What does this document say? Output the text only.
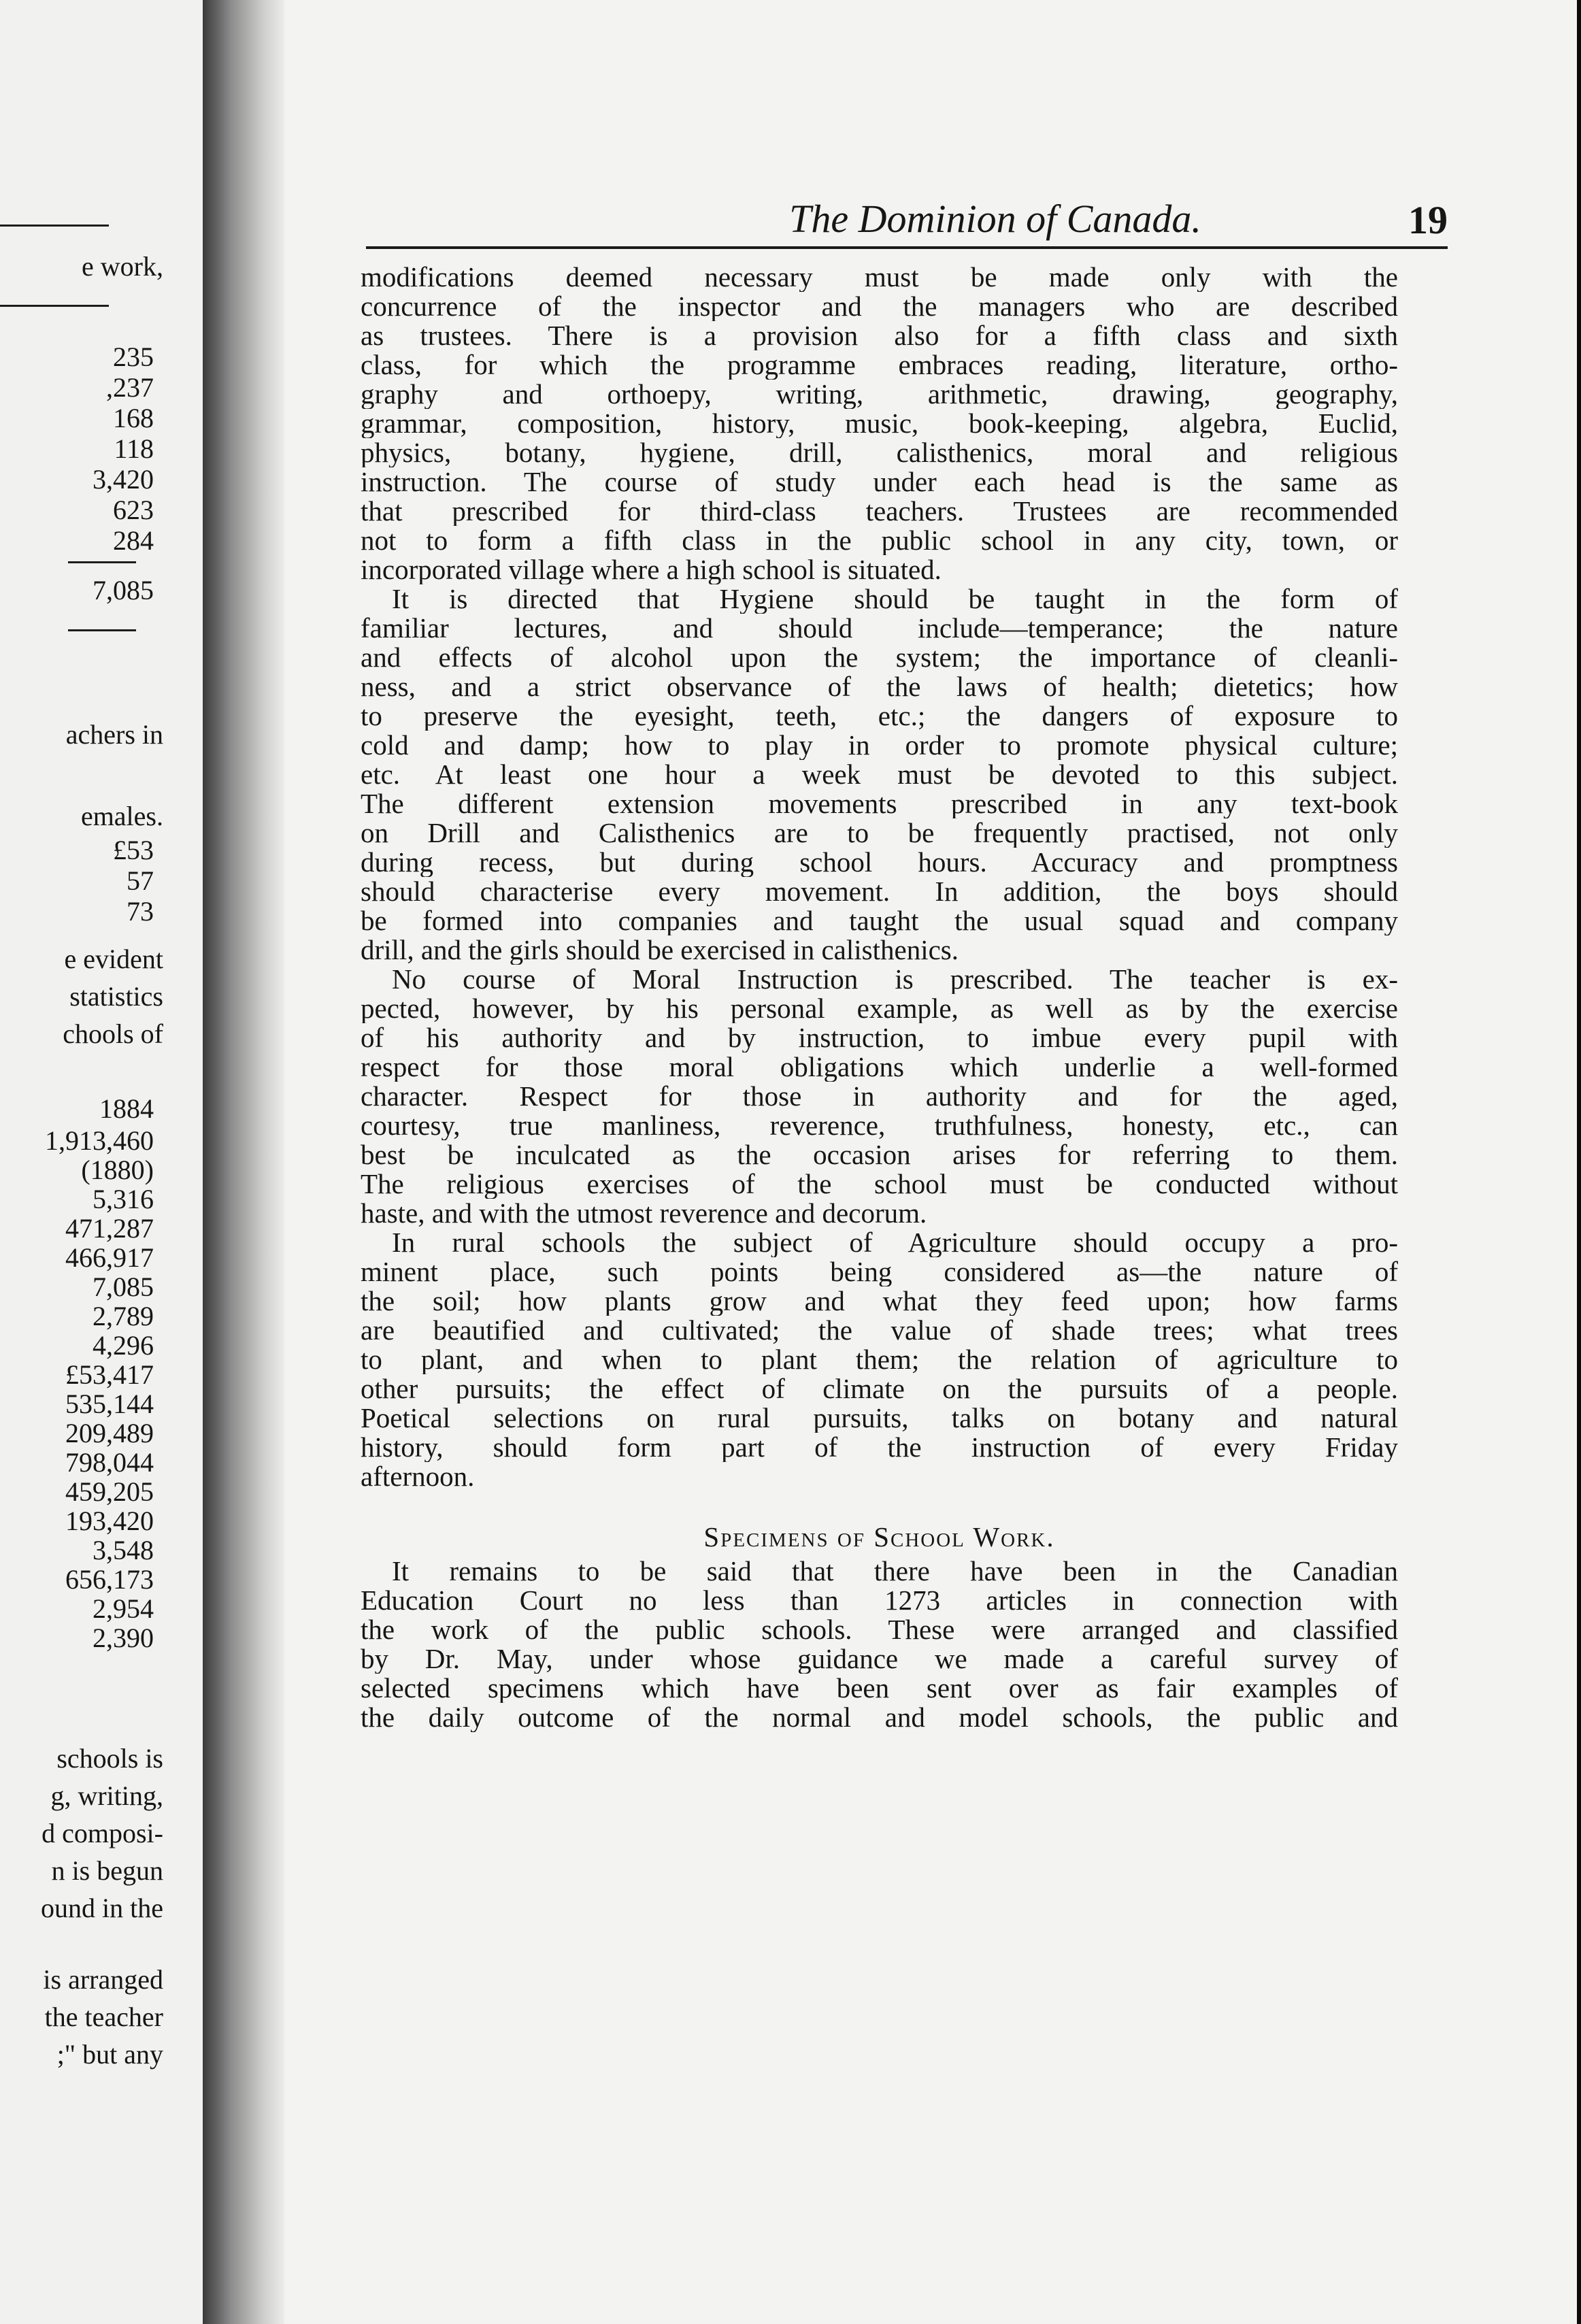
e work,
235
,237
168
118
3,420
623
284
7,085
achers in
emales.
£53
57
73
e evident
statistics
chools of
1884
1,913,460
(1880)
5,316
471,287
466,917
7,085
2,789
4,296
£53,417
535,144
209,489
798,044
459,205
193,420
3,548
656,173
2,954
2,390
schools is
g, writing,
d composi-
n is begun
ound in the
is arranged
the teacher
;" but any
The Dominion of Canada.	19
modifications deemed necessary must be made only with the
concurrence of the inspector and the managers who are described
as trustees. There is a provision also for a fifth class and sixth
class, for which the programme embraces reading, literature, ortho-
graphy and orthoepy, writing, arithmetic, drawing, geography,
grammar, composition, history, music, book-keeping, algebra, Euclid,
physics, botany, hygiene, drill, calisthenics, moral and religious
instruction. The course of study under each head is the same as
that prescribed for third-class teachers. Trustees are recommended
not to form a fifth class in the public school in any city, town, or
incorporated village where a high school is situated.
It is directed that Hygiene should be taught in the form of
familiar lectures, and should include—temperance; the nature
and effects of alcohol upon the system; the importance of cleanli-
ness, and a strict observance of the laws of health; dietetics; how
to preserve the eyesight, teeth, etc.; the dangers of exposure to
cold and damp; how to play in order to promote physical culture;
etc. At least one hour a week must be devoted to this subject.
The different extension movements prescribed in any text-book
on Drill and Calisthenics are to be frequently practised, not only
during recess, but during school hours. Accuracy and promptness
should characterise every movement. In addition, the boys should
be formed into companies and taught the usual squad and company
drill, and the girls should be exercised in calisthenics.
No course of Moral Instruction is prescribed. The teacher is ex-
pected, however, by his personal example, as well as by the exercise
of his authority and by instruction, to imbue every pupil with
respect for those moral obligations which underlie a well-formed
character. Respect for those in authority and for the aged,
courtesy, true manliness, reverence, truthfulness, honesty, etc., can
best be inculcated as the occasion arises for referring to them.
The religious exercises of the school must be conducted without
haste, and with the utmost reverence and decorum.
In rural schools the subject of Agriculture should occupy a pro-
minent place, such points being considered as—the nature of
the soil; how plants grow and what they feed upon; how farms
are beautified and cultivated; the value of shade trees; what trees
to plant, and when to plant them; the relation of agriculture to
other pursuits; the effect of climate on the pursuits of a people.
Poetical selections on rural pursuits, talks on botany and natural
history, should form part of the instruction of every Friday
afternoon.
Specimens of School Work.
It remains to be said that there have been in the Canadian
Education Court no less than 1273 articles in connection with
the work of the public schools. These were arranged and classified
by Dr. May, under whose guidance we made a careful survey of
selected specimens which have been sent over as fair examples of
the daily outcome of the normal and model schools, the public and
